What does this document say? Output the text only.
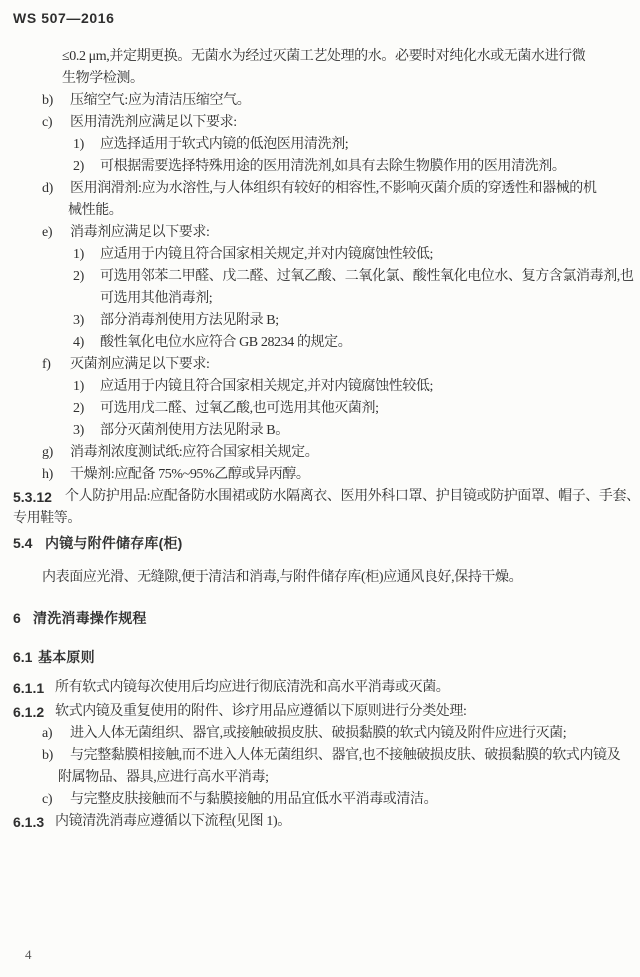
WS 507—2016
≤0.2 μm,并定期更换。无菌水为经过灭菌工艺处理的水。必要时对纯化水或无菌水进行微
生物学检测。
b) 压缩空气:应为清洁压缩空气。
c) 医用清洗剂应满足以下要求:
1) 应选择适用于软式内镜的低泡医用清洗剂;
2) 可根据需要选择特殊用途的医用清洗剂,如具有去除生物膜作用的医用清洗剂。
d) 医用润滑剂:应为水溶性,与人体组织有较好的相容性,不影响灭菌介质的穿透性和器械的机
械性能。
e) 消毒剂应满足以下要求:
1) 应适用于内镜且符合国家相关规定,并对内镜腐蚀性较低;
2) 可选用邻苯二甲醛、戊二醛、过氧乙酸、二氧化氯、酸性氧化电位水、复方含氯消毒剂,也
可选用其他消毒剂;
3) 部分消毒剂使用方法见附录 B;
4) 酸性氧化电位水应符合 GB 28234 的规定。
f) 灭菌剂应满足以下要求:
1) 应适用于内镜且符合国家相关规定,并对内镜腐蚀性较低;
2) 可选用戊二醛、过氧乙酸,也可选用其他灭菌剂;
3) 部分灭菌剂使用方法见附录 B。
g) 消毒剂浓度测试纸:应符合国家相关规定。
h) 干燥剂:应配备 75%~95%乙醇或异丙醇。
5.3.12 个人防护用品:应配备防水围裙或防水隔离衣、医用外科口罩、护目镜或防护面罩、帽子、手套、
专用鞋等。
5.4 内镜与附件储存库(柜)
内表面应光滑、无缝隙,便于清洁和消毒,与附件储存库(柜)应通风良好,保持干燥。
6 清洗消毒操作规程
6.1 基本原则
6.1.1 所有软式内镜每次使用后均应进行彻底清洗和高水平消毒或灭菌。
6.1.2 软式内镜及重复使用的附件、诊疗用品应遵循以下原则进行分类处理:
a) 进入人体无菌组织、器官,或接触破损皮肤、破损黏膜的软式内镜及附件应进行灭菌;
b) 与完整黏膜相接触,而不进入人体无菌组织、器官,也不接触破损皮肤、破损黏膜的软式内镜及
附属物品、器具,应进行高水平消毒;
c) 与完整皮肤接触而不与黏膜接触的用品宜低水平消毒或清洁。
6.1.3 内镜清洗消毒应遵循以下流程(见图 1)。
4
